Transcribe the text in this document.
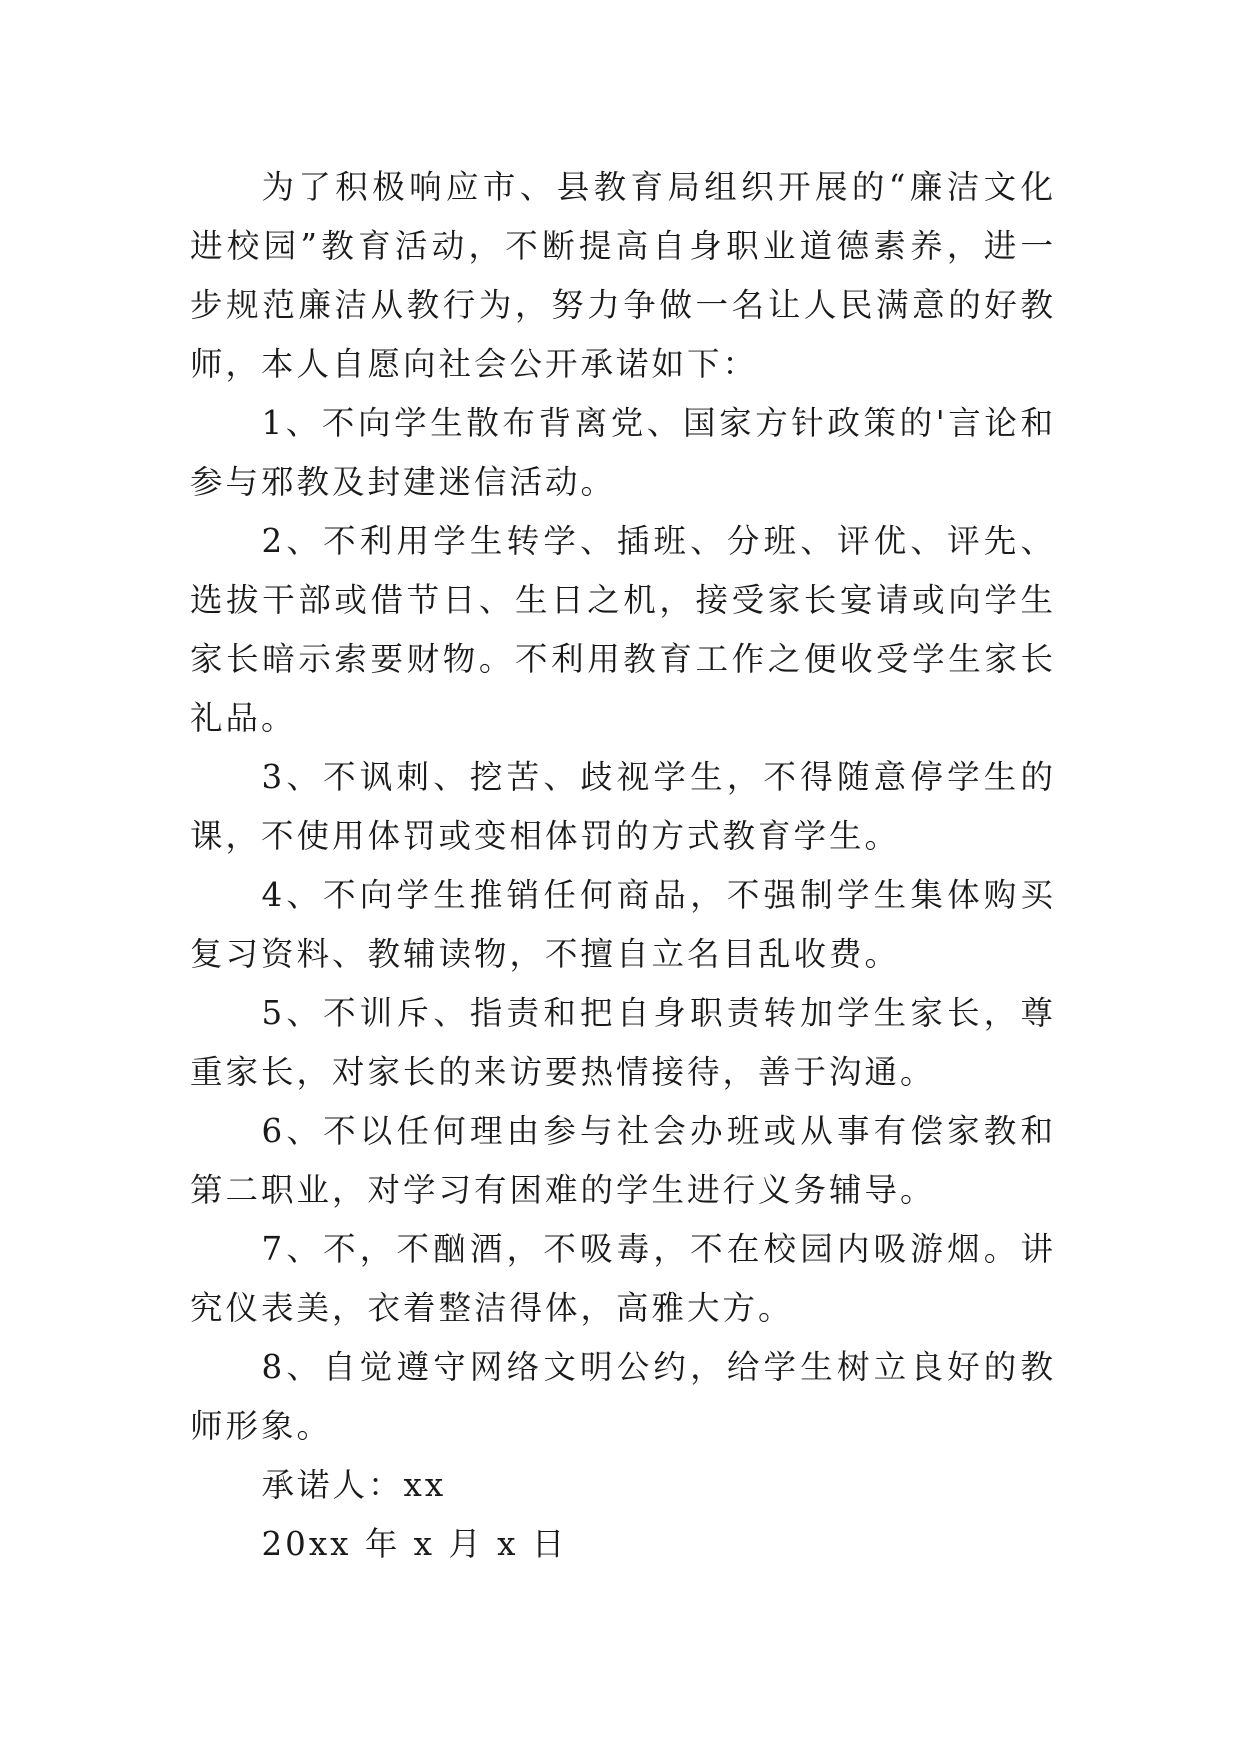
为了积极响应市、县教育局组织开展的“廉洁文化进校园”教育活动，不断提高自身职业道德素养，进一步规范廉洁从教行为，努力争做一名让人民满意的好教师，本人自愿向社会公开承诺如下：

1、不向学生散布背离党、国家方针政策的'言论和参与邪教及封建迷信活动。

2、不利用学生转学、插班、分班、评优、评先、选拔干部或借节日、生日之机，接受家长宴请或向学生家长暗示索要财物。不利用教育工作之便收受学生家长礼品。

3、不讽刺、挖苦、歧视学生，不得随意停学生的课，不使用体罚或变相体罚的方式教育学生。

4、不向学生推销任何商品，不强制学生集体购买复习资料、教辅读物，不擅自立名目乱收费。

5、不训斥、指责和把自身职责转加学生家长，尊重家长，对家长的来访要热情接待，善于沟通。

6、不以任何理由参与社会办班或从事有偿家教和第二职业，对学习有困难的学生进行义务辅导。

7、不，不酗酒，不吸毒，不在校园内吸游烟。讲究仪表美，衣着整洁得体，高雅大方。

8、自觉遵守网络文明公约，给学生树立良好的教师形象。

承诺人：xx

20xx 年 x 月 x 日
